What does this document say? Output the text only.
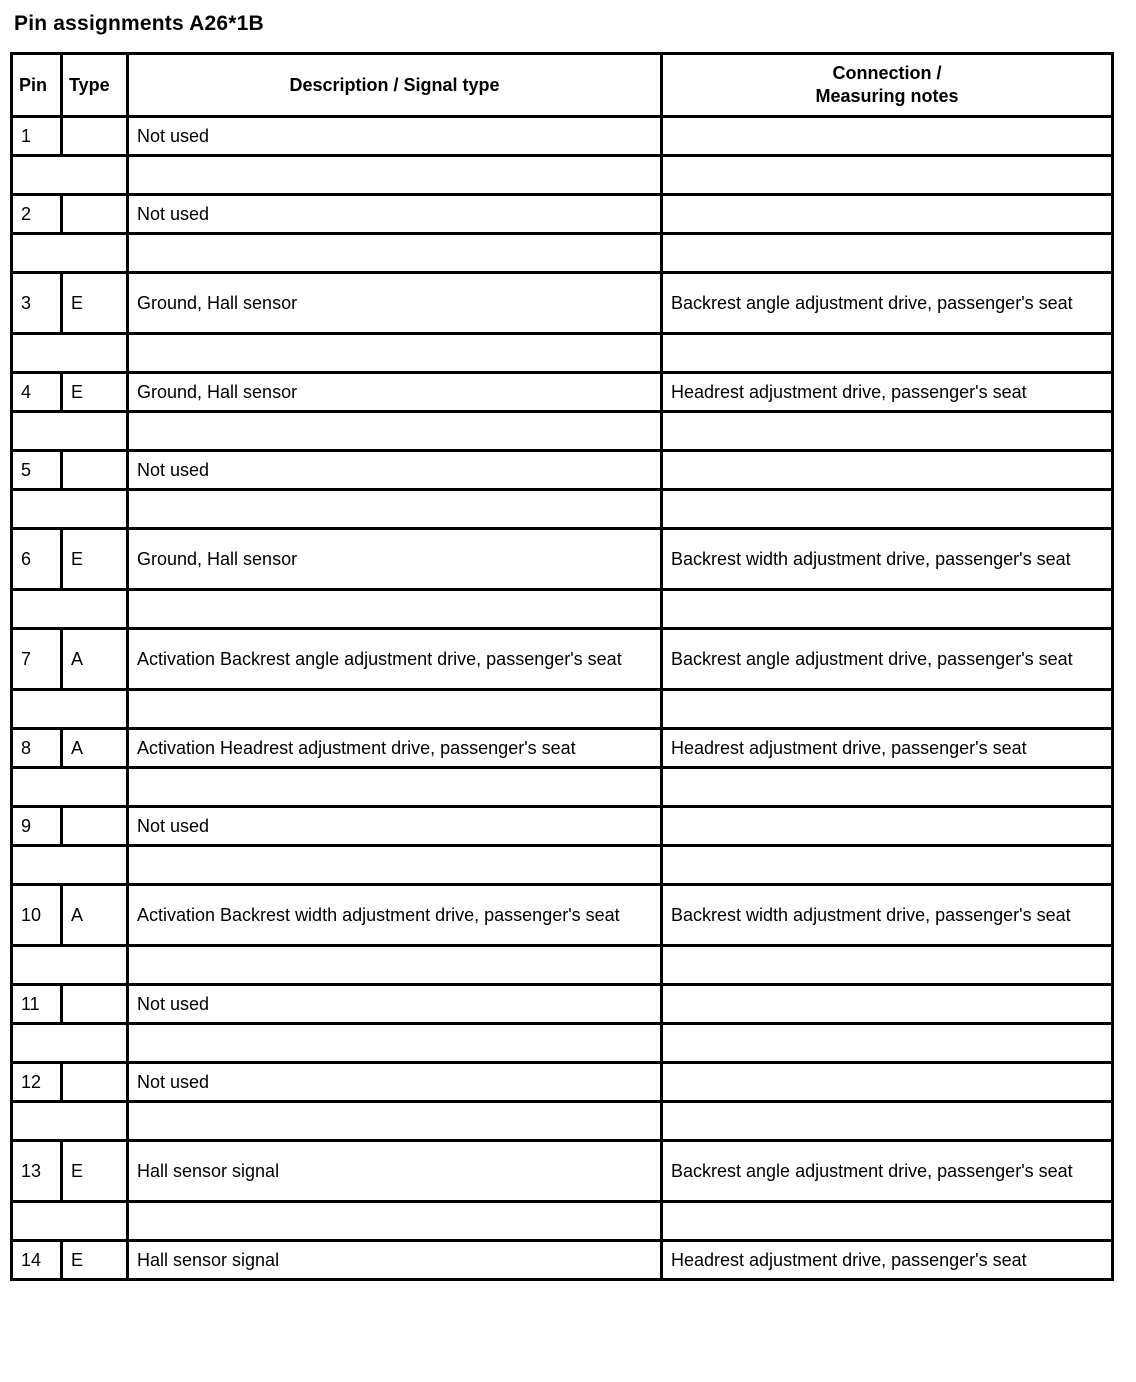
Pin assignments A26*1B
Pin	Type	Description / Signal type	Connection /
Measuring notes
1		Not used	

2		Not used	

3	E	Ground, Hall sensor	Backrest angle adjustment drive, passenger's seat

4	E	Ground, Hall sensor	Headrest adjustment drive, passenger's seat

5		Not used	

6	E	Ground, Hall sensor	Backrest width adjustment drive, passenger's seat

7	A	Activation Backrest angle adjustment drive, passenger's seat	Backrest angle adjustment drive, passenger's seat

8	A	Activation Headrest adjustment drive, passenger's seat	Headrest adjustment drive, passenger's seat

9		Not used	

10	A	Activation Backrest width adjustment drive, passenger's seat	Backrest width adjustment drive, passenger's seat

11		Not used	

12		Not used	

13	E	Hall sensor signal	Backrest angle adjustment drive, passenger's seat

14	E	Hall sensor signal	Headrest adjustment drive, passenger's seat
